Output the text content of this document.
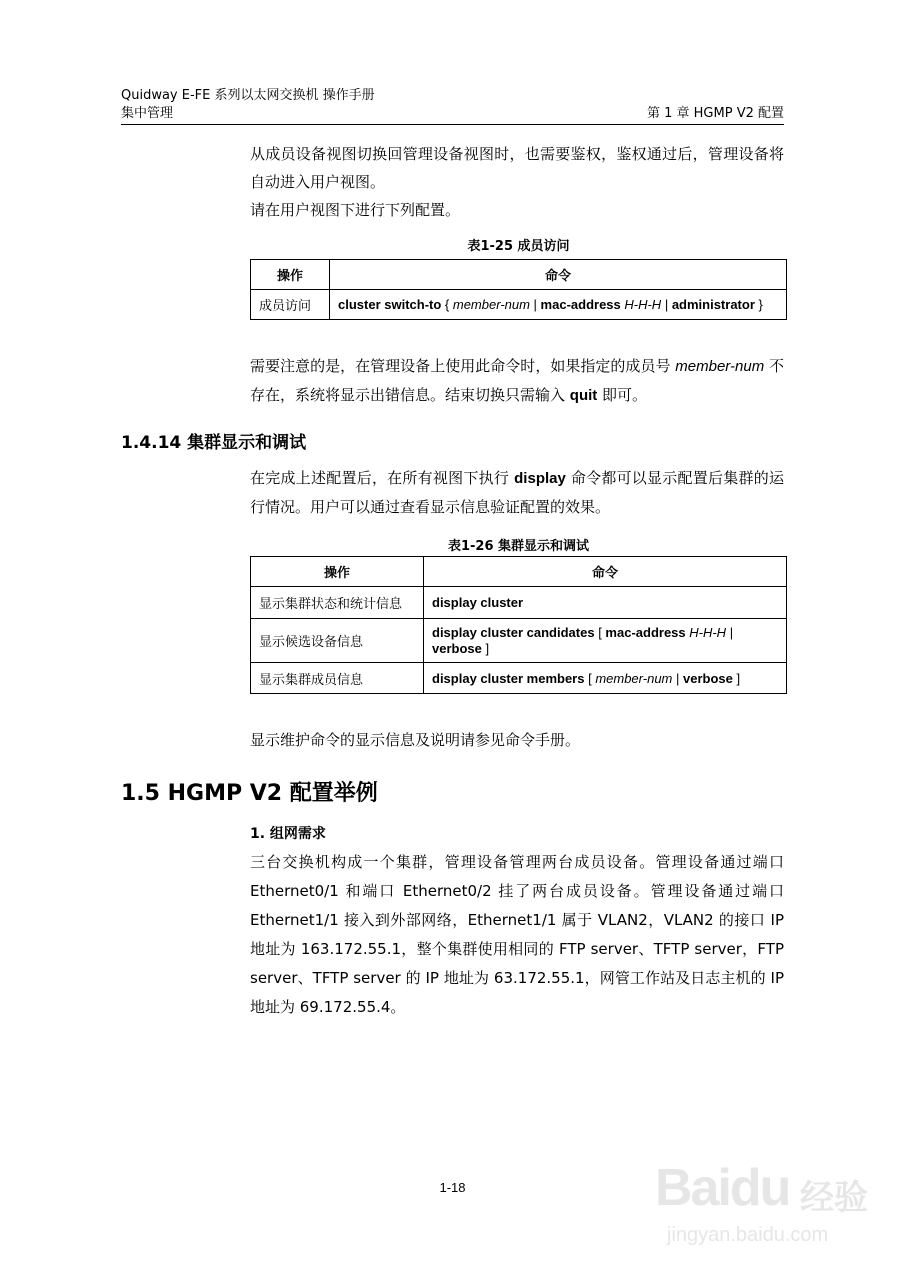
Quidway E-FE 系列以太网交换机 操作手册
集中管理	第 1 章 HGMP V2 配置
从成员设备视图切换回管理设备视图时，也需要鉴权，鉴权通过后，管理设备将自动进入用户视图。
请在用户视图下进行下列配置。
表1-25 成员访问
操作	命令
成员访问	cluster switch-to { member-num | mac-address H-H-H | administrator }
需要注意的是，在管理设备上使用此命令时，如果指定的成员号 member-num 不存在，系统将显示出错信息。结束切换只需输入 quit 即可。
1.4.14 集群显示和调试
在完成上述配置后，在所有视图下执行 display 命令都可以显示配置后集群的运行情况。用户可以通过查看显示信息验证配置的效果。
表1-26 集群显示和调试
操作	命令
显示集群状态和统计信息	display cluster
显示候选设备信息	display cluster candidates [ mac-address H-H-H | verbose ]
显示集群成员信息	display cluster members [ member-num | verbose ]
显示维护命令的显示信息及说明请参见命令手册。
1.5 HGMP V2 配置举例
1. 组网需求
三台交换机构成一个集群，管理设备管理两台成员设备。管理设备通过端口 Ethernet0/1 和端口 Ethernet0/2 挂了两台成员设备。管理设备通过端口 Ethernet1/1 接入到外部网络，Ethernet1/1 属于 VLAN2，VLAN2 的接口 IP 地址为 163.172.55.1，整个集群使用相同的 FTP server、TFTP server，FTP server、TFTP server 的 IP 地址为 63.172.55.1，网管工作站及日志主机的 IP 地址为 69.172.55.4。
1-18	Baidu 经验
jingyan.baidu.com
